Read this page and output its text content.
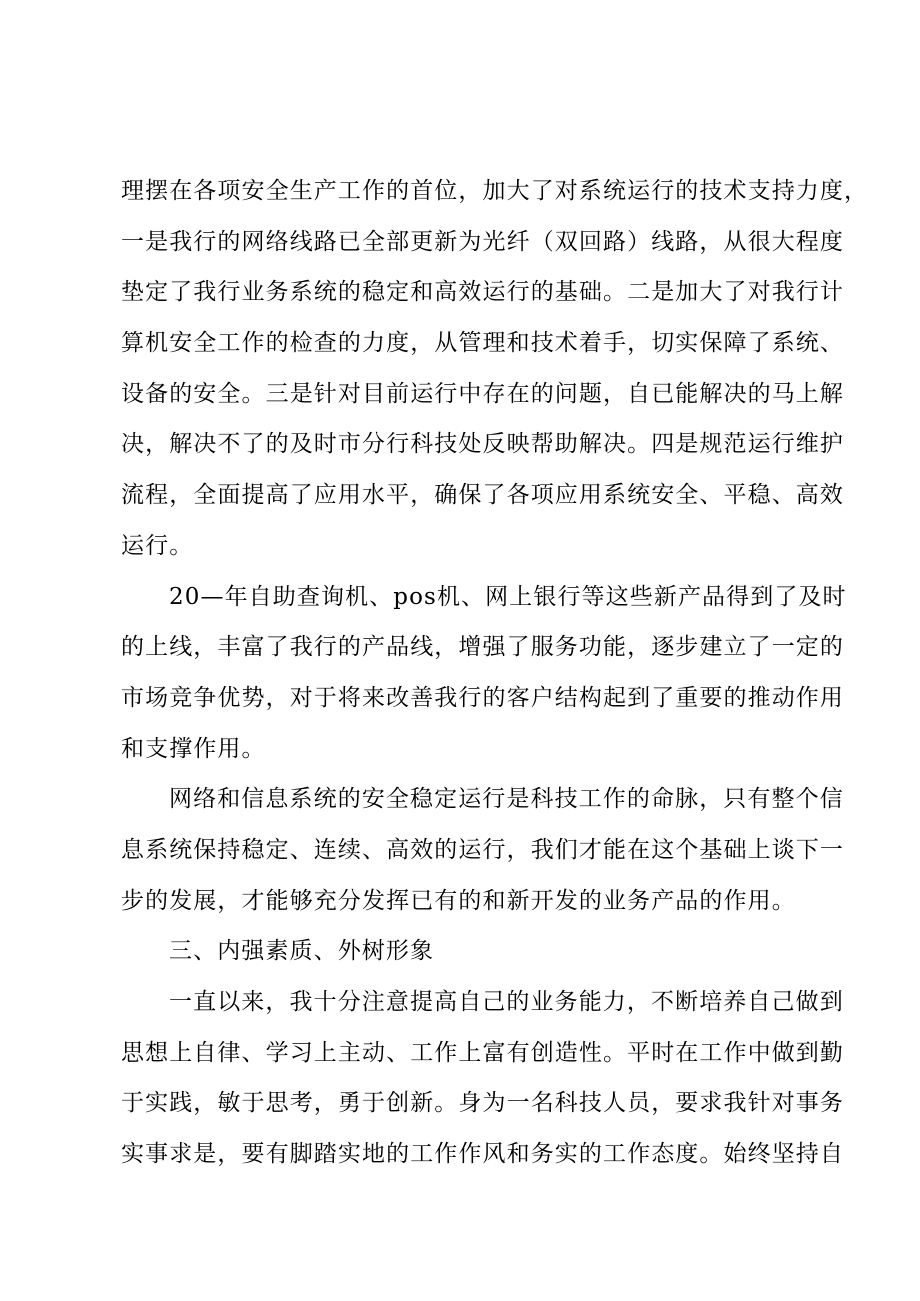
理摆在各项安全生产工作的首位，加大了对系统运行的技术支持力度，
一是我行的网络线路已全部更新为光纤（双回路）线路，从很大程度
垫定了我行业务系统的稳定和高效运行的基础。二是加大了对我行计
算机安全工作的检查的力度，从管理和技术着手，切实保障了系统、
设备的安全。三是针对目前运行中存在的问题，自已能解决的马上解
决，解决不了的及时市分行科技处反映帮助解决。四是规范运行维护
流程，全面提高了应用水平，确保了各项应用系统安全、平稳、高效
运行。
20—年自助查询机、pos机、网上银行等这些新产品得到了及时
的上线，丰富了我行的产品线，增强了服务功能，逐步建立了一定的
市场竞争优势，对于将来改善我行的客户结构起到了重要的推动作用
和支撑作用。
网络和信息系统的安全稳定运行是科技工作的命脉，只有整个信
息系统保持稳定、连续、高效的运行，我们才能在这个基础上谈下一
步的发展，才能够充分发挥已有的和新开发的业务产品的作用。
三、内强素质、外树形象
一直以来，我十分注意提高自己的业务能力，不断培养自己做到
思想上自律、学习上主动、工作上富有创造性。平时在工作中做到勤
于实践，敏于思考，勇于创新。身为一名科技人员，要求我针对事务
实事求是，要有脚踏实地的工作作风和务实的工作态度。始终坚持自
